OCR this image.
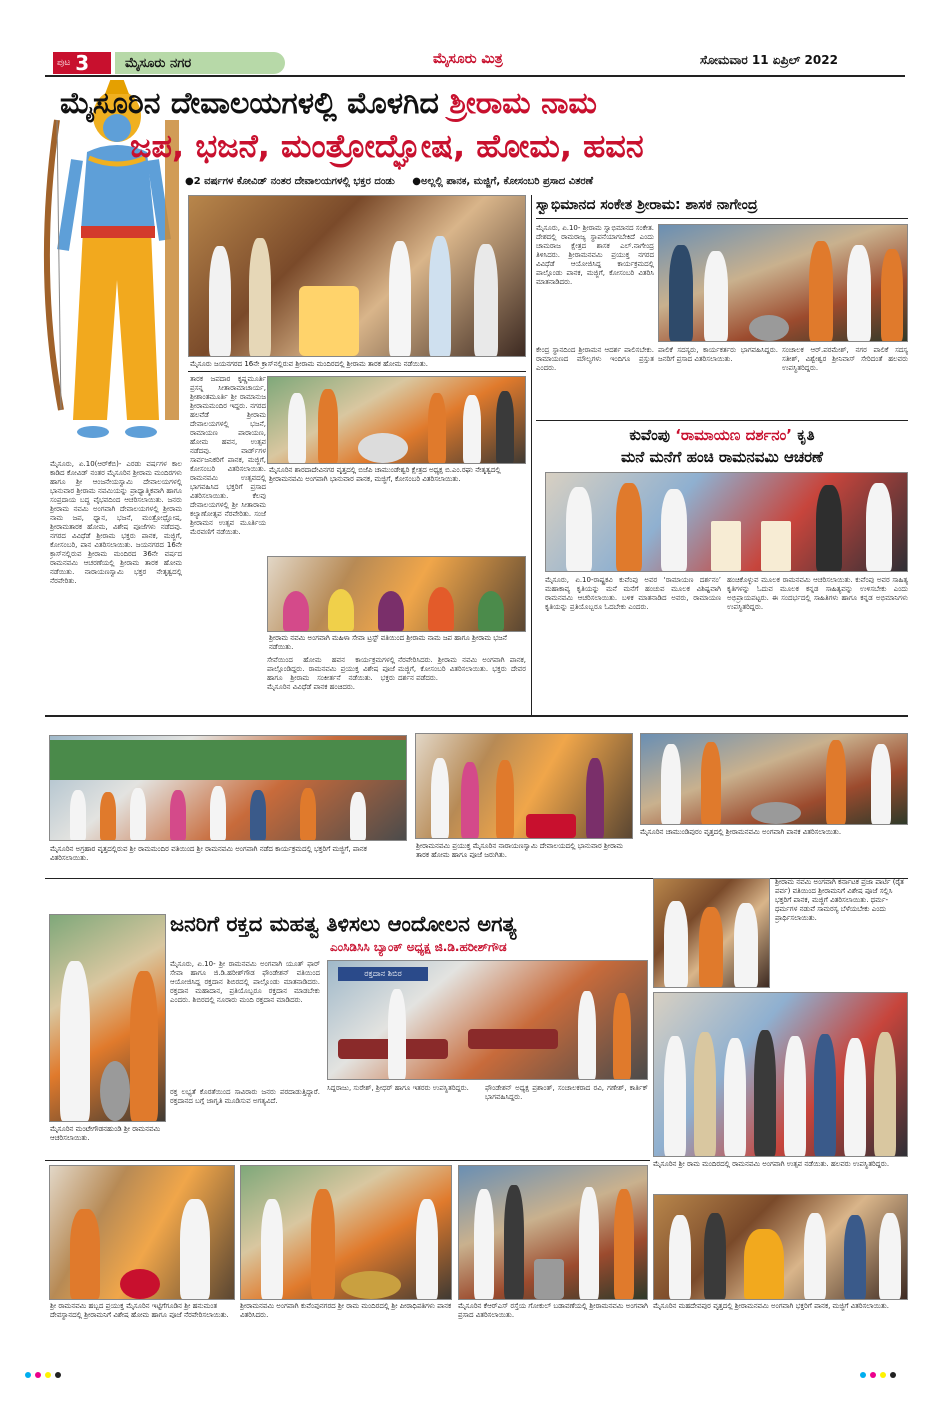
ಪುಟ 3	ಮೈಸೂರು ನಗರ	ಮೈಸೂರು ಮಿತ್ರ	ಸೋಮವಾರ 11 ಏಪ್ರಿಲ್ 2022
ಮೈಸೂರಿನ ದೇವಾಲಯಗಳಲ್ಲಿ ಮೊಳಗಿದ ಶ್ರೀರಾಮ ನಾಮ
ಜಪ, ಭಜನೆ, ಮಂತ್ರೋದ್ಘೋಷ, ಹೋಮ, ಹವನ
●2 ವರ್ಷಗಳ ಕೋವಿಡ್ ನಂತರ ದೇವಾಲಯಗಳಲ್ಲಿ ಭಕ್ತರ ದಂಡು ●ಅಲ್ಲಲ್ಲಿ ಪಾನಕ, ಮಜ್ಜಿಗೆ, ಕೋಸಂಬರಿ ಪ್ರಸಾದ ವಿತರಣೆ
ಮೈಸೂರು ಜಯನಗರದ 16ನೇ ಕ್ರಾಸ್‌ನಲ್ಲಿರುವ ಶ್ರೀರಾಮ ಮಂದಿರದಲ್ಲಿ ಶ್ರೀರಾಮ ತಾರಕ ಹೋಮ ನಡೆಯಿತು.
ಮೈಸೂರು, ಏ.10(ಆರ್‌ಕೆಬಿ)- ಎರಡು ವರ್ಷಗಳ ಕಾಲ ಕಾಡಿದ ಕೋವಿಡ್ ನಂತರ ಮೈಸೂರಿನ ಶ್ರೀರಾಮ ಮಂದಿರಗಳು ಹಾಗೂ ಶ್ರೀ ಆಂಜನೇಯಸ್ವಾಮಿ ದೇವಾಲಯಗಳಲ್ಲಿ ಭಾನುವಾರ ಶ್ರೀರಾಮ ನವಮಿಯನ್ನು ಪ್ರಾಧ್ಯಾತ್ಮಿಕವಾಗಿ ಹಾಗೂ ಸಂಪ್ರದಾಯ ಬದ್ಧ ವೈಭವದಿಂದ ಆಚರಿಸಲಾಯಿತು. ಜನರು ಶ್ರೀರಾಮ ನವಮಿ ಅಂಗವಾಗಿ ದೇವಾಲಯಗಳಲ್ಲಿ ಶ್ರೀರಾಮ ನಾಮ ಜಪ, ಧ್ಯಾನ, ಭಜನೆ, ಮಂತ್ರೋಧ್ಘೋಷ, ಶ್ರೀರಾಮತಾರಕ ಹೋಮ, ವಿಶೇಷ ಪೂಜೆಗಳು ನಡೆದವು. ನಗರದ ವಿವಿಧೆಡೆ ಶ್ರೀರಾಮ ಭಕ್ತರು ಪಾನಕ, ಮಜ್ಜಿಗೆ, ಕೋಸಂಬರಿ, ಪಾನ ವಿತರಿಸಲಾಯಿತು. ಜಯನಗರದ 16ನೇ ಕ್ರಾಸ್‌ನಲ್ಲಿರುವ ಶ್ರೀರಾಮ ಮಂದಿರದ 36ನೇ ವರ್ಷದ ರಾಮನವಮಿ ಆಚರಣೆಯಲ್ಲಿ ಶ್ರೀರಾಮ ತಾರಕ ಹೋಮ ನಡೆಯಿತು. ನಾರಾಯಣಸ್ವಾಮಿ ಭಕ್ತರ ನೇತೃತ್ವದಲ್ಲಿ ನೆರವೇರಿತು.
ತಾರಕ ಜಪದಾರ ಕೃಷ್ಣಮೂರ್ತಿ ಪ್ರಸನ್ನ ಸೀತಾರಾಮಾಚಾರ್ಯ, ಶ್ರೀಶಾಂತಮೂರ್ತಿ ಶ್ರೀ ರಾಮಾನುಜ ಶ್ರೀರಾಮಮಂದಿರ ಇದ್ದರು. ನಗರದ ಹಲವೆಡೆ ಶ್ರೀರಾಮ ದೇವಾಲಯಗಳಲ್ಲಿ ಭಜನೆ, ರಾಮಾಯಣ ಪಾರಾಯಣ, ಹೋಮ ಹವನ, ಉತ್ಸವ ನಡೆದವು. ವಾರ್ಡ್‌ಗಳ ಸಾರ್ವಜನಿಕರಿಗೆ ಪಾನಕ, ಮಜ್ಜಿಗೆ, ಕೋಸಂಬರಿ ವಿತರಿಸಲಾಯಿತು. ರಾಮನವಮಿ ಉತ್ಸವದಲ್ಲಿ ಭಾಗವಹಿಸಿದ ಭಕ್ತರಿಗೆ ಪ್ರಸಾದ ವಿತರಿಸಲಾಯಿತು. ಕೆಲವು ದೇವಾಲಯಗಳಲ್ಲಿ ಶ್ರೀ ಸೀತಾರಾಮ ಕಲ್ಯಾಣೋತ್ಸವ ನೆರವೇರಿತು. ಸಂಜೆ ಶ್ರೀರಾಮನ ಉತ್ಸವ ಮೂರ್ತಿಯ ಮೆರವಣಿಗೆ ನಡೆಯಿತು.
ಮೈಸೂರಿನ ಶಾರದಾದೇವಿನಗರ ವೃತ್ತದಲ್ಲಿ ಬಿಜೆಪಿ ಚಾಮುಂಡೇಶ್ವರಿ ಕ್ಷೇತ್ರದ ಅಧ್ಯಕ್ಷ ಬಿ.ಎಂ.ರಘು ನೇತೃತ್ವದಲ್ಲಿ ಶ್ರೀರಾಮನವಮಿ ಅಂಗವಾಗಿ ಭಾನುವಾರ ಪಾನಕ, ಮಜ್ಜಿಗೆ, ಕೋಸಂಬರಿ ವಿತರಿಸಲಾಯಿತು.
ಶ್ರೀರಾಮ ನವಮಿ ಅಂಗವಾಗಿ ಮಹಿಳಾ ಸೇವಾ ಟ್ರಸ್ಟ್ ವತಿಯಿಂದ ಶ್ರೀರಾಮ ನಾಮ ಜಪ ಹಾಗೂ ಶ್ರೀರಾಮ ಭಜನೆ ನಡೆಯಿತು.
ಸೇವೆಯಿಂದ ಹೋಮ ಹವನ ಕಾರ್ಯಕ್ರಮಗಳಲ್ಲಿ ಪಾಲ್ಗೊಂಡಿದ್ದರು. ರಾಮನವಮಿ ಪ್ರಯುಕ್ತ ವಿಶೇಷ ಪೂಜೆ ಹಾಗೂ ಶ್ರೀರಾಮ ಸಂಕೀರ್ತನೆ ನಡೆಯಿತು. ಭಕ್ತರು ಮೈಸೂರಿನ ವಿವಿಧೆಡೆ ಪಾನಕ ಹಂಚಿದರು.
ನೆರವೇರಿಸಿದರು. ಶ್ರೀರಾಮ ನವಮಿ ಅಂಗವಾಗಿ ಪಾನಕ, ಮಜ್ಜಿಗೆ, ಕೋಸಂಬರಿ ವಿತರಿಸಲಾಯಿತು. ಭಕ್ತರು ದೇವರ ದರ್ಶನ ಪಡೆದರು.
ಸ್ವಾಭಿಮಾನದ ಸಂಕೇತ ಶ್ರೀರಾಮ: ಶಾಸಕ ನಾಗೇಂದ್ರ
ಮೈಸೂರು, ಏ.10- ಶ್ರೀರಾಮ ಸ್ವಾಭಿಮಾನದ ಸಂಕೇತ. ದೇಶದಲ್ಲಿ ರಾಮರಾಜ್ಯ ಸ್ಥಾಪನೆಯಾಗಬೇಕಿದೆ ಎಂದು ಚಾಮರಾಜ ಕ್ಷೇತ್ರದ ಶಾಸಕ ಎಲ್.ನಾಗೇಂದ್ರ ತಿಳಿಸಿದರು. ಶ್ರೀರಾಮನವಮಿ ಪ್ರಯುಕ್ತ ನಗರದ ವಿವಿಧೆಡೆ ಆಯೋಜಿಸಿದ್ದ ಕಾರ್ಯಕ್ರಮದಲ್ಲಿ ಪಾಲ್ಗೊಂಡು ಪಾನಕ, ಮಜ್ಜಿಗೆ, ಕೋಸಂಬರಿ ವಿತರಿಸಿ ಮಾತನಾಡಿದರು.
ಕೇಂದ್ರ ಸ್ಥಾನದಿಂದ ಶ್ರೀರಾಮನ ಆದರ್ಶ ಪಾಲಿಸಬೇಕು. ರಾಮಾಯಣದ ಮೌಲ್ಯಗಳು ಇಂದಿಗೂ ಪ್ರಸ್ತುತ ಎಂದರು.
ಪಾಲಿಕೆ ಸದಸ್ಯರು, ಕಾರ್ಯಕರ್ತರು ಭಾಗವಹಿಸಿದ್ದರು. ಜನರಿಗೆ ಪ್ರಸಾದ ವಿತರಿಸಲಾಯಿತು.
ಸಂಚಾಲಕ ಆರ್.ಪರಮೇಶ್, ನಗರ ಪಾಲಿಕೆ ಸದಸ್ಯ ಸತೀಶ್, ವಿಶ್ವೇಶ್ವರ ಶ್ರೀನಿವಾಸ್ ಸೇರಿದಂತೆ ಹಲವರು ಉಪಸ್ಥಿತರಿದ್ದರು.
ಕುವೆಂಪು ‘ರಾಮಾಯಣ ದರ್ಶನಂ’ ಕೃತಿ
ಮನೆ ಮನೆಗೆ ಹಂಚಿ ರಾಮನವಮಿ ಆಚರಣೆ
ಮೈಸೂರು, ಏ.10-ರಾಷ್ಟ್ರಕವಿ ಕುವೆಂಪು ಅವರ ‘ರಾಮಾಯಣ ದರ್ಶನಂ’ ಮಹಾಕಾವ್ಯ ಕೃತಿಯನ್ನು ಮನೆ ಮನೆಗೆ ಹಂಚುವ ಮೂಲಕ ವಿಶಿಷ್ಟವಾಗಿ ರಾಮನವಮಿ ಆಚರಿಸಲಾಯಿತು. ಬಳಿಕ ಮಾತನಾಡಿದ ಅವರು, ರಾಮಾಯಣ ಕೃತಿಯನ್ನು ಪ್ರತಿಯೊಬ್ಬರೂ ಓದಬೇಕು ಎಂದರು.
ಹಂಚಿಕೊಳ್ಳುವ ಮೂಲಕ ರಾಮನವಮಿ ಆಚರಿಸಲಾಯಿತು. ಕುವೆಂಪು ಅವರ ಸಾಹಿತ್ಯ ಕೃತಿಗಳನ್ನು ಓದುವ ಮೂಲಕ ಕನ್ನಡ ಸಾಹಿತ್ಯವನ್ನು ಉಳಿಸಬೇಕು ಎಂದು ಅಭಿಪ್ರಾಯಪಟ್ಟರು. ಈ ಸಂದರ್ಭದಲ್ಲಿ ಸಾಹಿತಿಗಳು ಹಾಗೂ ಕನ್ನಡ ಅಭಿಮಾನಿಗಳು ಉಪಸ್ಥಿತರಿದ್ದರು.
ಮೈಸೂರಿನ ಅಗ್ರಹಾರ ವೃತ್ತದಲ್ಲಿರುವ ಶ್ರೀ ರಾಮಮಂದಿರ ವತಿಯಿಂದ ಶ್ರೀ ರಾಮನವಮಿ ಅಂಗವಾಗಿ ನಡೆದ ಕಾರ್ಯಕ್ರಮದಲ್ಲಿ ಭಕ್ತರಿಗೆ ಮಜ್ಜಿಗೆ, ಪಾನಕ ವಿತರಿಸಲಾಯಿತು.
ಶ್ರೀರಾಮನವಮಿ ಪ್ರಯುಕ್ತ ಮೈಸೂರಿನ ನಾರಾಯಣಸ್ವಾಮಿ ದೇವಾಲಯದಲ್ಲಿ ಭಾನುವಾರ ಶ್ರೀರಾಮ ತಾರಕ ಹೋಮ ಹಾಗೂ ಪೂಜೆ ಜರುಗಿತು.
ಮೈಸೂರಿನ ಚಾಮುಂಡಿಪುರಂ ವೃತ್ತದಲ್ಲಿ ಶ್ರೀರಾಮನವಮಿ ಅಂಗವಾಗಿ ಪಾನಕ ವಿತರಿಸಲಾಯಿತು.
ಮೈಸೂರಿನ ಮಂಟೇಗೌಡನಹುಂಡಿ ಶ್ರೀ ರಾಮನವಮಿ ಆಚರಿಸಲಾಯಿತು.
ಜನರಿಗೆ ರಕ್ತದ ಮಹತ್ವ ತಿಳಿಸಲು ಆಂದೋಲನ ಅಗತ್ಯ
ಎಂಸಿಡಿಸಿಸಿ ಬ್ಯಾಂಕ್ ಅಧ್ಯಕ್ಷ ಜಿ.ಡಿ.ಹರೀಶ್‌ಗೌಡ
ಮೈಸೂರು, ಏ.10- ಶ್ರೀ ರಾಮನವಮಿ ಅಂಗವಾಗಿ ಯೂತ್ ಫಾರ್ ಸೇವಾ ಹಾಗೂ ಜಿ.ಡಿ.ಹರೀಶ್‌ಗೌಡ ಫೌಂಡೇಶನ್ ವತಿಯಿಂದ ಆಯೋಜಿಸಿದ್ದ ರಕ್ತದಾನ ಶಿಬಿರದಲ್ಲಿ ಪಾಲ್ಗೊಂಡು ಮಾತನಾಡಿದರು. ರಕ್ತದಾನ ಮಹಾದಾನ, ಪ್ರತಿಯೊಬ್ಬರೂ ರಕ್ತದಾನ ಮಾಡಬೇಕು ಎಂದರು. ಶಿಬಿರದಲ್ಲಿ ನೂರಾರು ಮಂದಿ ರಕ್ತದಾನ ಮಾಡಿದರು.
ರಕ್ತದಾನ ಶಿಬಿರ
ರಕ್ತ ಲಭ್ಯತೆ ಕೊರತೆಯಿಂದ ಸಾವಿರಾರು ಜನರು ಪರದಾಡುತ್ತಿದ್ದಾರೆ. ರಕ್ತದಾನದ ಬಗ್ಗೆ ಜಾಗೃತಿ ಮೂಡಿಸುವ ಅಗತ್ಯವಿದೆ.
ಸಿದ್ದರಾಜು, ಸುರೇಶ್, ಶ್ರೀಧರ್ ಹಾಗೂ ಇತರರು ಉಪಸ್ಥಿತರಿದ್ದರು.	ಫೌಂಡೇಶನ್ ಅಧ್ಯಕ್ಷ ಪ್ರಶಾಂತ್, ಸಂಚಾಲಕರಾದ ರವಿ, ಗಣೇಶ್, ಕಾರ್ತಿಕ್ ಭಾಗವಹಿಸಿದ್ದರು.
ಶ್ರೀರಾಮ ನವಮಿ ಅಂಗವಾಗಿ ಕರ್ನಾಟಕ ಪ್ರಜಾ ಪಾರ್ಟಿ (ರೈತ ಪರ್ವ) ವತಿಯಿಂದ ಶ್ರೀರಾಮನಿಗೆ ವಿಶೇಷ ಪೂಜೆ ಸಲ್ಲಿಸಿ ಭಕ್ತರಿಗೆ ಪಾನಕ, ಮಜ್ಜಿಗೆ ವಿತರಿಸಲಾಯಿತು. ಧರ್ಮ-ಧರ್ಮಗಳ ನಡುವೆ ಸಾಮರಸ್ಯ ಬೆಳೆಯಬೇಕು ಎಂದು ಪ್ರಾರ್ಥಿಸಲಾಯಿತು.
ಮೈಸೂರಿನ ಶ್ರೀ ರಾಮ ಮಂದಿರದಲ್ಲಿ ರಾಮನವಮಿ ಅಂಗವಾಗಿ ಉತ್ಸವ ನಡೆಯಿತು. ಹಲವರು ಉಪಸ್ಥಿತರಿದ್ದರು.
ಶ್ರೀ ರಾಮನವಮಿ ಹಬ್ಬದ ಪ್ರಯುಕ್ತ ಮೈಸೂರಿನ ಇಟ್ಟಿಗೆಗೂಡಿನ ಶ್ರೀ ಹನುಮಂತ ದೇವಸ್ಥಾನದಲ್ಲಿ ಶ್ರೀರಾಮನಿಗೆ ವಿಶೇಷ ಹೋಮ ಹಾಗೂ ಪೂಜೆ ನೆರವೇರಿಸಲಾಯಿತು.
ಶ್ರೀರಾಮನವಮಿ ಅಂಗವಾಗಿ ಕುವೆಂಪುನಗರದ ಶ್ರೀ ರಾಮ ಮಂದಿರದಲ್ಲಿ ಶ್ರೀ ಪೀಠಾಧಿಪತಿಗಳು ಪಾನಕ ವಿತರಿಸಿದರು.
ಮೈಸೂರಿನ ಕೆಆರ್‌ಎಸ್ ರಸ್ತೆಯ ಗೋಕುಲ್ ಬಡಾವಣೆಯಲ್ಲಿ ಶ್ರೀರಾಮನವಮಿ ಅಂಗವಾಗಿ ಪ್ರಸಾದ ವಿತರಿಸಲಾಯಿತು.
ಮೈಸೂರಿನ ಮಹದೇವಪುರ ವೃತ್ತದಲ್ಲಿ ಶ್ರೀರಾಮನವಮಿ ಅಂಗವಾಗಿ ಭಕ್ತರಿಗೆ ಪಾನಕ, ಮಜ್ಜಿಗೆ ವಿತರಿಸಲಾಯಿತು.
